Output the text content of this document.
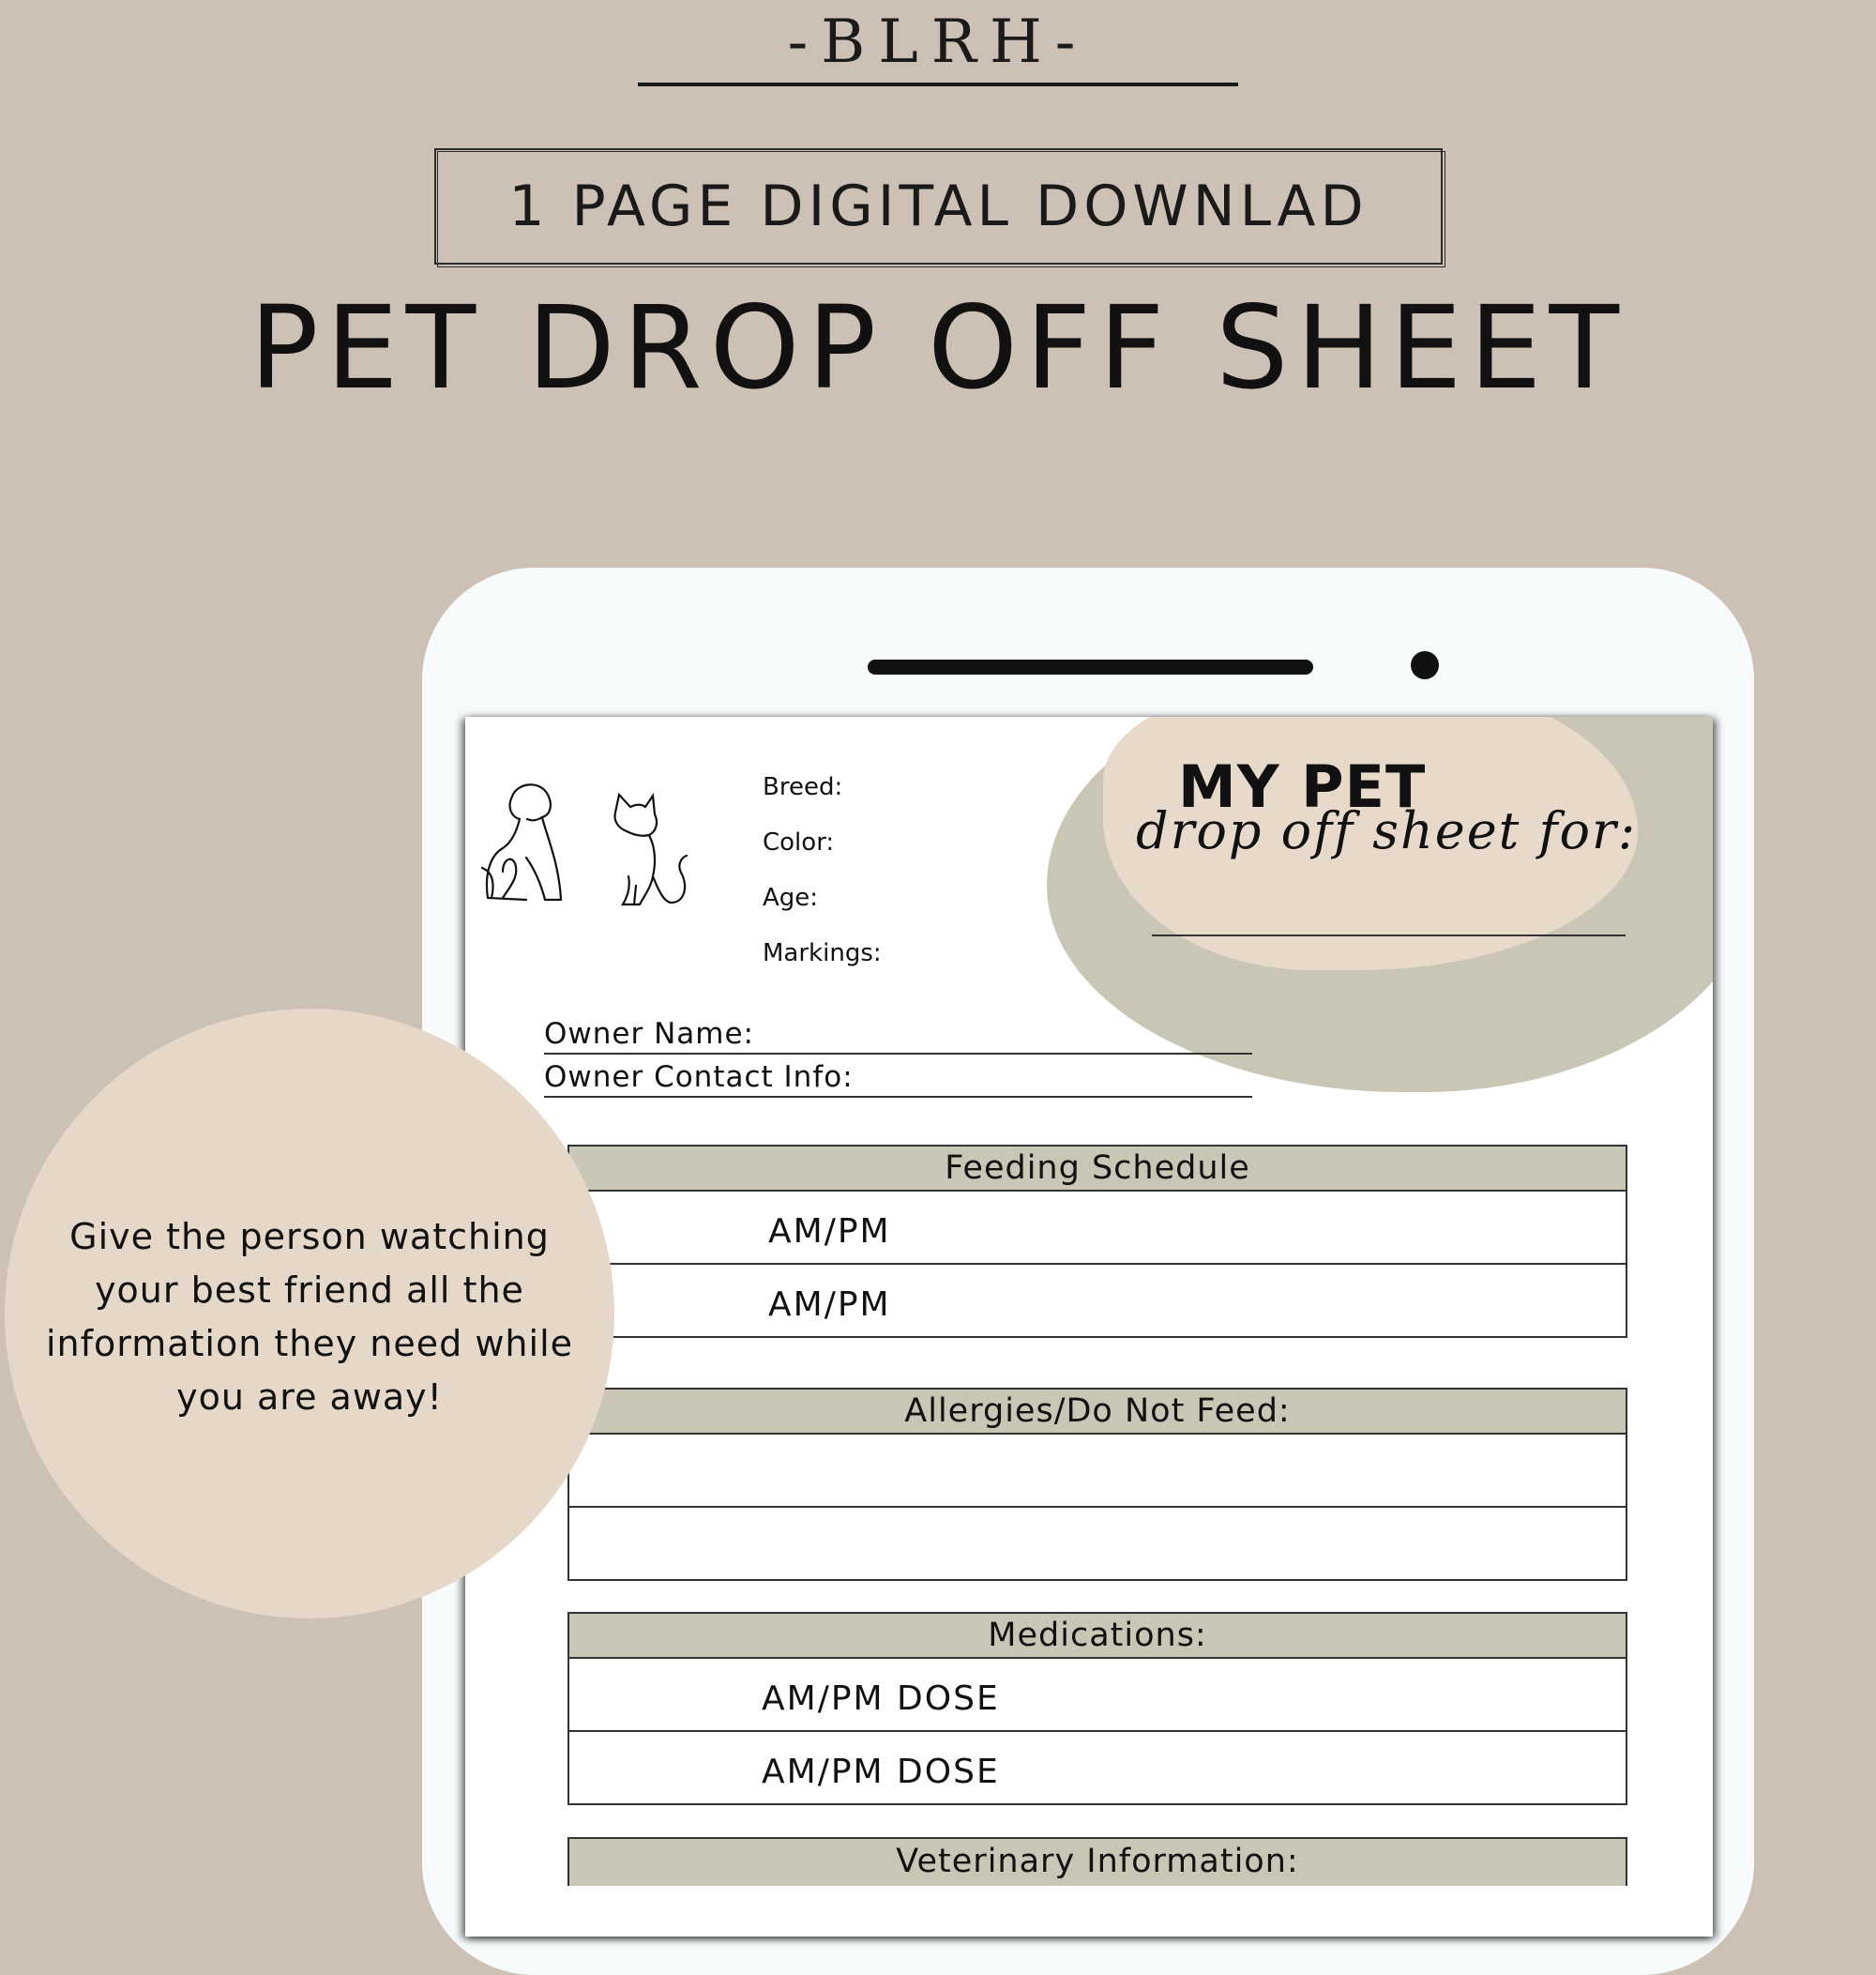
-BLRH-
1 PAGE DIGITAL DOWNLAD
PET DROP OFF SHEET
Breed:
Color:
Age:
Markings:
MY PET
drop off sheet for:
Owner Name:
Owner Contact Info:
Feeding Schedule
AM/PM
AM/PM
Allergies/Do Not Feed:
Medications:
AM/PM DOSE
AM/PM DOSE
Veterinary Information:
Give the person watching your best friend all the information they need while you are away!
